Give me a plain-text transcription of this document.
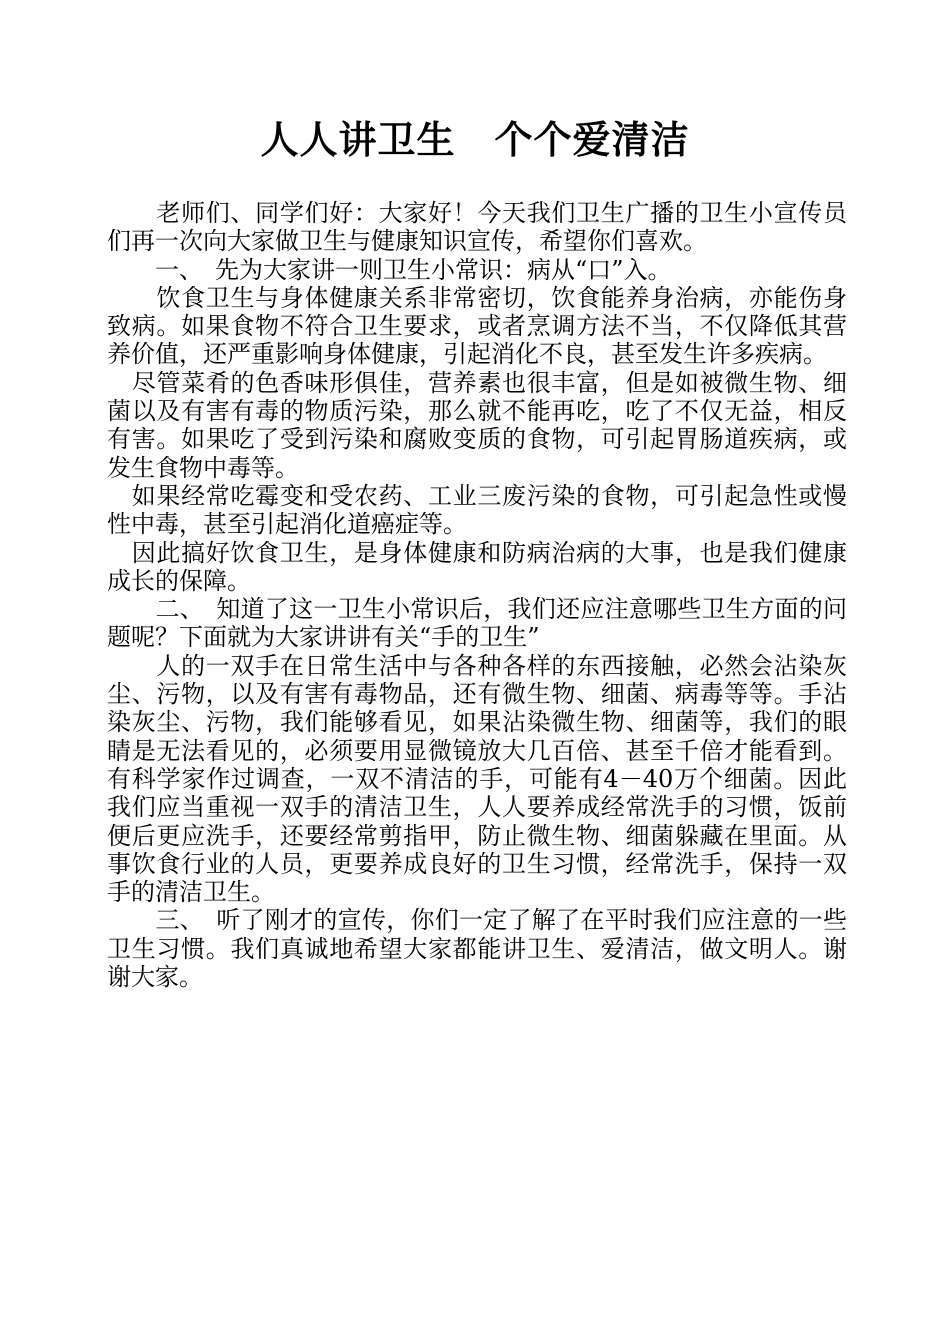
人人讲卫生　个个爱清洁

　　老师们、同学们好：大家好！今天我们卫生广播的卫生小宣传员们再一次向大家做卫生与健康知识宣传，希望你们喜欢。

　　一、　先为大家讲一则卫生小常识：病从“口”入。

　　饮食卫生与身体健康关系非常密切，饮食能养身治病，亦能伤身致病。如果食物不符合卫生要求，或者烹调方法不当，不仅降低其营养价值，还严重影响身体健康，引起消化不良，甚至发生许多疾病。

　尽管菜肴的色香味形俱佳，营养素也很丰富，但是如被微生物、细菌以及有害有毒的物质污染，那么就不能再吃，吃了不仅无益，相反有害。如果吃了受到污染和腐败变质的食物，可引起胃肠道疾病，或发生食物中毒等。

　如果经常吃霉变和受农药、工业三废污染的食物，可引起急性或慢性中毒，甚至引起消化道癌症等。

　因此搞好饮食卫生，是身体健康和防病治病的大事，也是我们健康成长的保障。

　　二、　知道了这一卫生小常识后，我们还应注意哪些卫生方面的问题呢？下面就为大家讲讲有关“手的卫生”

　　人的一双手在日常生活中与各种各样的东西接触，必然会沾染灰尘、污物，以及有害有毒物品，还有微生物、细菌、病毒等等。手沾染灰尘、污物，我们能够看见，如果沾染微生物、细菌等，我们的眼睛是无法看见的，必须要用显微镜放大几百倍、甚至千倍才能看到。有科学家作过调查，一双不清洁的手，可能有4－40万个细菌。因此我们应当重视一双手的清洁卫生，人人要养成经常洗手的习惯，饭前便后更应洗手，还要经常剪指甲，防止微生物、细菌躲藏在里面。从事饮食行业的人员，更要养成良好的卫生习惯，经常洗手，保持一双手的清洁卫生。

　　三、　听了刚才的宣传，你们一定了解了在平时我们应注意的一些卫生习惯。我们真诚地希望大家都能讲卫生、爱清洁，做文明人。谢谢大家。
